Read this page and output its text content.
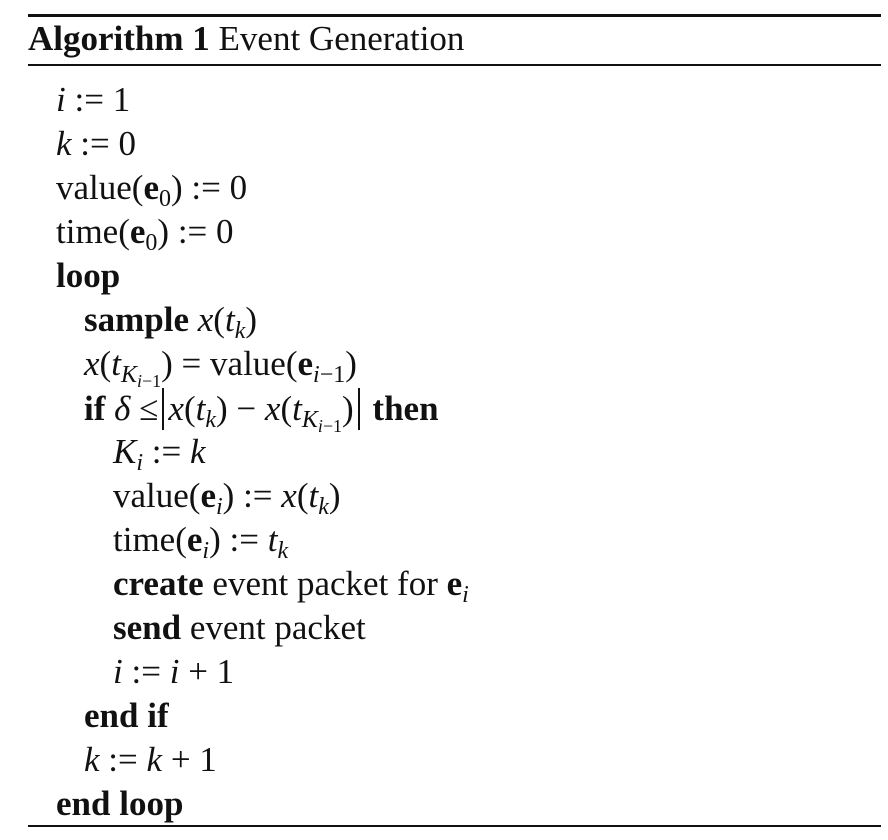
Algorithm 1 Event Generation
i := 1
k := 0
$value(e_0)$ := 0
$time(e_0)$ := 0
loop
sample $x(t_k)$
$x(t_{K_{i-1}})$ = $value(e_{i-1})$
if $\delta \le x(t_k) - x(t_{K_{i-1}})$ then
$K_i$ := k
$value(e_i)$ := $x(t_k)$
$time(e_i)$ := $t_k$
create event packet for $e_i$
send event packet
i := i + 1
end if
k := k + 1
end loop
